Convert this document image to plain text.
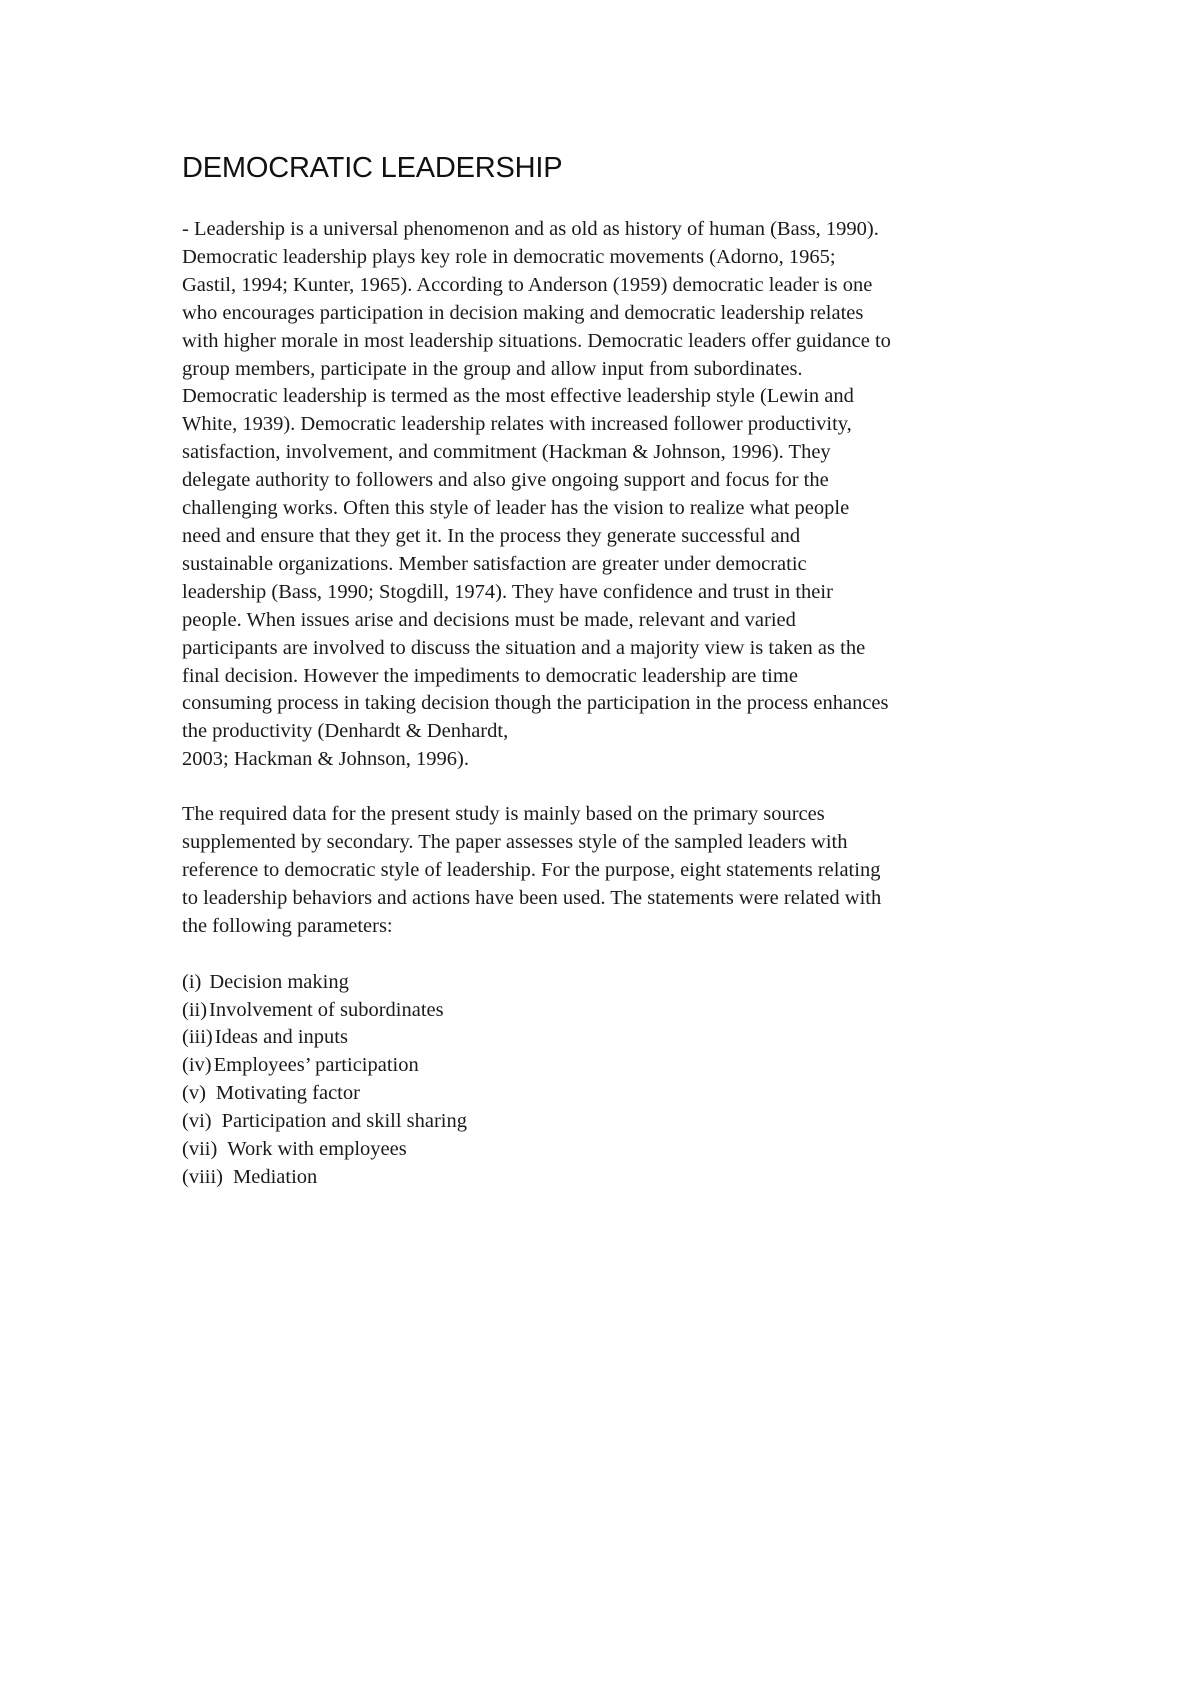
DEMOCRATIC LEADERSHIP
- Leadership is a universal phenomenon and as old as history of human (Bass, 1990).
Democratic leadership plays key role in democratic movements (Adorno, 1965;
Gastil, 1994; Kunter, 1965). According to Anderson (1959) democratic leader is one
who encourages participation in decision making and democratic leadership relates
with higher morale in most leadership situations. Democratic leaders offer guidance to
group members, participate in the group and allow input from subordinates.
Democratic leadership is termed as the most effective leadership style (Lewin and
White, 1939). Democratic leadership relates with increased follower productivity,
satisfaction, involvement, and commitment (Hackman & Johnson, 1996). They
delegate authority to followers and also give ongoing support and focus for the
challenging works. Often this style of leader has the vision to realize what people
need and ensure that they get it. In the process they generate successful and
sustainable organizations. Member satisfaction are greater under democratic
leadership (Bass, 1990; Stogdill, 1974). They have confidence and trust in their
people. When issues arise and decisions must be made, relevant and varied
participants are involved to discuss the situation and a majority view is taken as the
final decision. However the impediments to democratic leadership are time
consuming process in taking decision though the participation in the process enhances
the productivity (Denhardt & Denhardt,
2003; Hackman & Johnson, 1996).
The required data for the present study is mainly based on the primary sources
supplemented by secondary. The paper assesses style of the sampled leaders with
reference to democratic style of leadership. For the purpose, eight statements relating
to leadership behaviors and actions have been used. The statements were related with
the following parameters:
(i) Decision making
(ii)Involvement of subordinates
(iii)Ideas and inputs
(iv)Employees’ participation
(v) Motivating factor
(vi) Participation and skill sharing
(vii) Work with employees
(viii) Mediation
